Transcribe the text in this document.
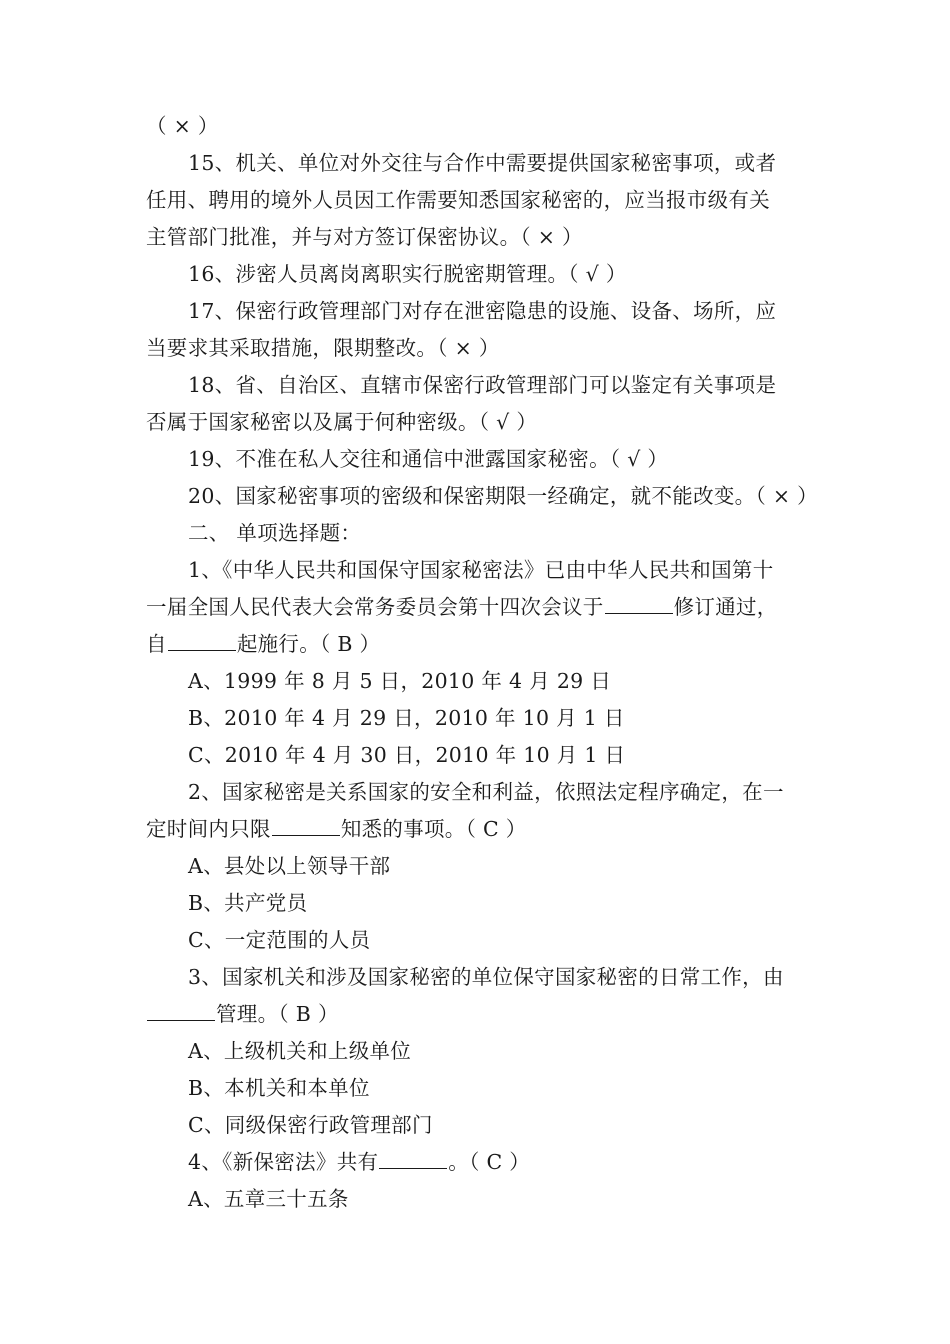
（ × ）
15、机关、单位对外交往与合作中需要提供国家秘密事项，或者
任用、聘用的境外人员因工作需要知悉国家秘密的，应当报市级有关
主管部门批准，并与对方签订保密协议。（ × ）
16、涉密人员离岗离职实行脱密期管理。（ √ ）
17、保密行政管理部门对存在泄密隐患的设施、设备、场所，应
当要求其采取措施，限期整改。（ × ）
18、省、自治区、直辖市保密行政管理部门可以鉴定有关事项是
否属于国家秘密以及属于何种密级。（ √ ）
19、不准在私人交往和通信中泄露国家秘密。（ √ ）
20、国家秘密事项的密级和保密期限一经确定，就不能改变。（ × ）
二、 单项选择题：
1、《中华人民共和国保守国家秘密法》已由中华人民共和国第十
一届全国人民代表大会常务委员会第十四次会议于	修订通过，
自	起施行。（ B ）
A、1999 年 8 月 5 日，2010 年 4 月 29 日
B、2010 年 4 月 29 日，2010 年 10 月 1 日
C、2010 年 4 月 30 日，2010 年 10 月 1 日
2、国家秘密是关系国家的安全和利益，依照法定程序确定，在一
定时间内只限	知悉的事项。（ C ）
A、县处以上领导干部
B、共产党员
C、一定范围的人员
3、国家机关和涉及国家秘密的单位保守国家秘密的日常工作，由
管理。（ B ）
A、上级机关和上级单位
B、本机关和本单位
C、同级保密行政管理部门
4、《新保密法》共有	。（ C ）
A、五章三十五条
